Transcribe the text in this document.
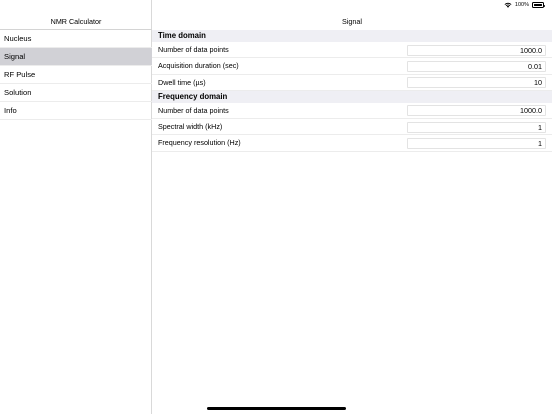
100%
NMR Calculator
Nucleus
Signal
RF Pulse
Solution
Info
Signal
Time domain
Number of data points
1000.0
Acquisition duration (sec)
0.01
Dwell time (µs)
10
Frequency domain
Number of data points
1000.0
Spectral width (kHz)
1
Frequency resolution (Hz)
1
